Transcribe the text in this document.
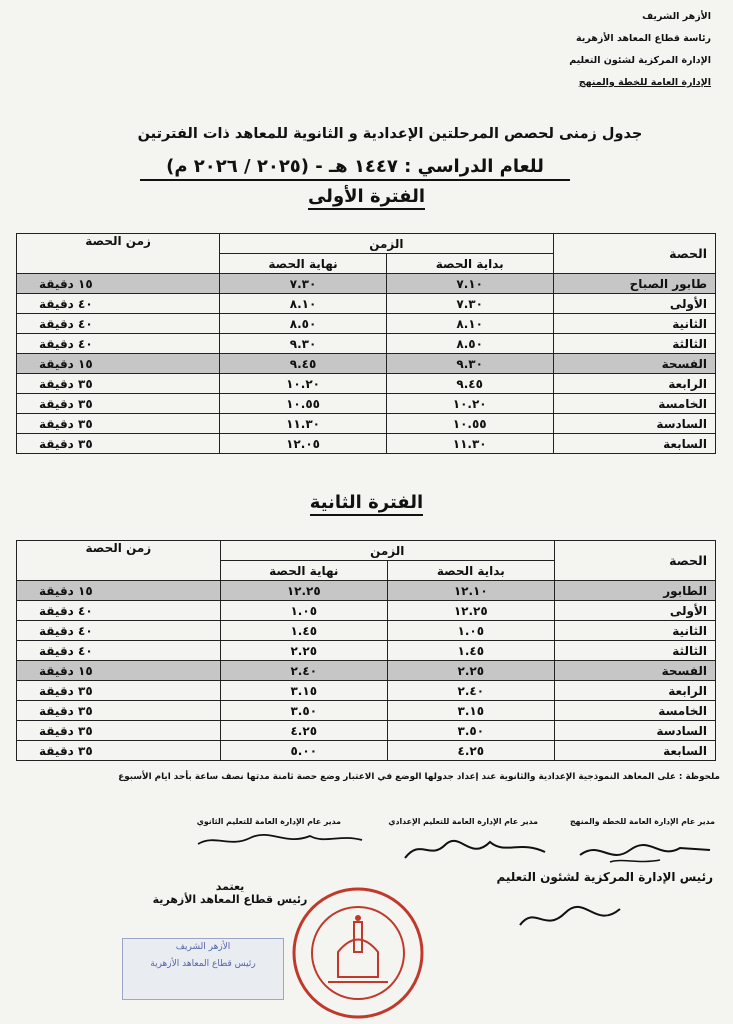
الأزهر الشريف
رئاسة قطاع المعاهد الأزهرية
الإدارة المركزية لشئون التعليم
الإدارة العامة للخطة والمنهج
جدول زمنى لحصص المرحلتين الإعدادية و الثانوية للمعاهد ذات الفترتين
للعام الدراسي : ١٤٤٧ هـ - (٢٠٢٥ / ٢٠٢٦ م)
الفترة الأولى
الحصة	الزمن		زمن الحصة
	بداية الحصة	نهاية الحصة	
طابور الصباح	٧.١٠	٧.٣٠	١٥ دقيقة
الأولى	٧.٣٠	٨.١٠	٤٠ دقيقة
الثانية	٨.١٠	٨.٥٠	٤٠ دقيقة
الثالثة	٨.٥٠	٩.٣٠	٤٠ دقيقة
الفسحة	٩.٣٠	٩.٤٥	١٥ دقيقة
الرابعة	٩.٤٥	١٠.٢٠	٣٥ دقيقة
الخامسة	١٠.٢٠	١٠.٥٥	٣٥ دقيقة
السادسة	١٠.٥٥	١١.٣٠	٣٥ دقيقة
السابعة	١١.٣٠	١٢.٠٥	٣٥ دقيقة
الفترة الثانية
الحصة	الزمن		زمن الحصة
	بداية الحصة	نهاية الحصة	
الطابور	١٢.١٠	١٢.٢٥	١٥ دقيقة
الأولى	١٢.٢٥	١.٠٥	٤٠ دقيقة
الثانية	١.٠٥	١.٤٥	٤٠ دقيقة
الثالثة	١.٤٥	٢.٢٥	٤٠ دقيقة
الفسحة	٢.٢٥	٢.٤٠	١٥ دقيقة
الرابعة	٢.٤٠	٣.١٥	٣٥ دقيقة
الخامسة	٣.١٥	٣.٥٠	٣٥ دقيقة
السادسة	٣.٥٠	٤.٢٥	٣٥ دقيقة
السابعة	٤.٢٥	٥.٠٠	٣٥ دقيقة
ملحوظة : على المعاهد النموذجية الإعدادية والثانوية عند إعداد جدولها الوضع في الاعتبار وضع حصة ثامنة مدتها نصف ساعة بأحد ايام الأسبوع
مدير عام الإدارة العامة للخطة والمنهج
مدير عام الإدارة العامة للتعليم الإعدادي
مدير عام الإدارة العامة للتعليم الثانوي
رئيس الإدارة المركزية لشئون التعليم
يعتمد
رئيس قطاع المعاهد الأزهرية
الأزهر الشريف
رئيس قطاع المعاهد الأزهرية
